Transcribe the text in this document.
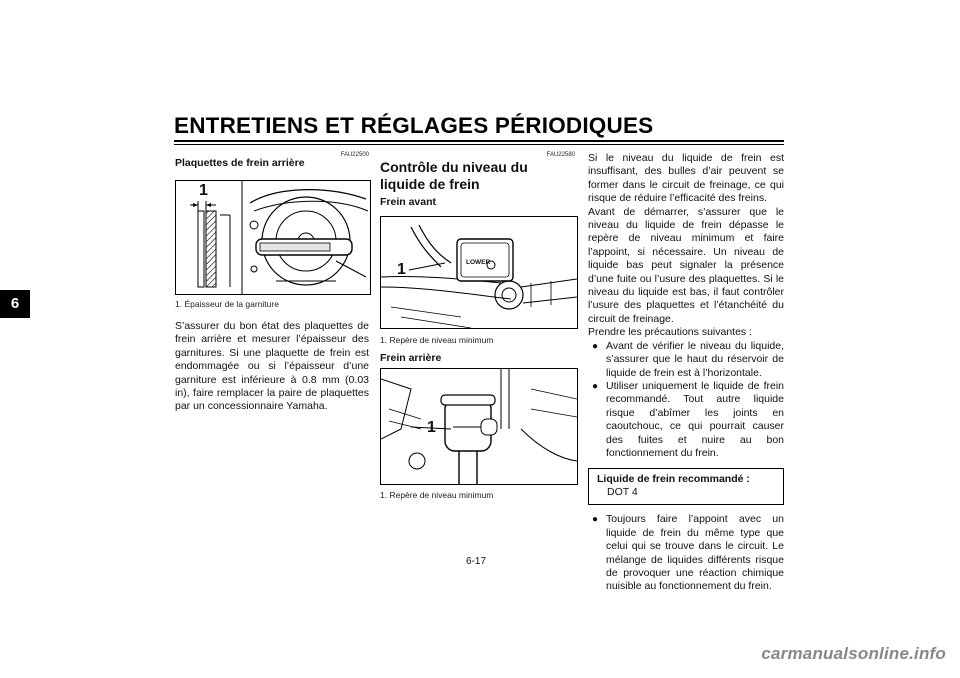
ENTRETIENS ET RÉGLAGES PÉRIODIQUES
6
FAU22500
Plaquettes de frein arrière
1
1. Épaisseur de la garniture
S’assurer du bon état des plaquettes de frein arrière et mesurer l’épaisseur des garnitures. Si une plaquette de frein est endommagée ou si l’épaisseur d’une garniture est inférieure à 0.8 mm (0.03 in), faire remplacer la paire de plaquettes par un concessionnaire Yamaha.
FAU22580
Contrôle du niveau du liquide de frein
Frein avant
LOWER
1
1. Repère de niveau minimum
Frein arrière
1
1. Repère de niveau minimum
Si le niveau du liquide de frein est insuffisant, des bulles d’air peuvent se former dans le circuit de freinage, ce qui risque de réduire l’efficacité des freins.
Avant de démarrer, s’assurer que le niveau du liquide de frein dépasse le repère de niveau minimum et faire l’appoint, si nécessaire. Un niveau de liquide bas peut signaler la présence d’une fuite ou l’usure des plaquettes. Si le niveau du liquide est bas, il faut contrôler l’usure des plaquettes et l’étanchéité du circuit de freinage.
Prendre les précautions suivantes :
● Avant de vérifier le niveau du liquide, s’assurer que le haut du réservoir de liquide de frein est à l’horizontale.
● Utiliser uniquement le liquide de frein recommandé. Tout autre liquide risque d’abîmer les joints en caoutchouc, ce qui pourrait causer des fuites et nuire au bon fonctionnement du frein.
Liquide de frein recommandé :
DOT 4
● Toujours faire l’appoint avec un liquide de frein du même type que celui qui se trouve dans le circuit. Le mélange de liquides différents risque de provoquer une réaction chimique nuisible au fonctionnement du frein.
6-17
carmanualsonline.info
